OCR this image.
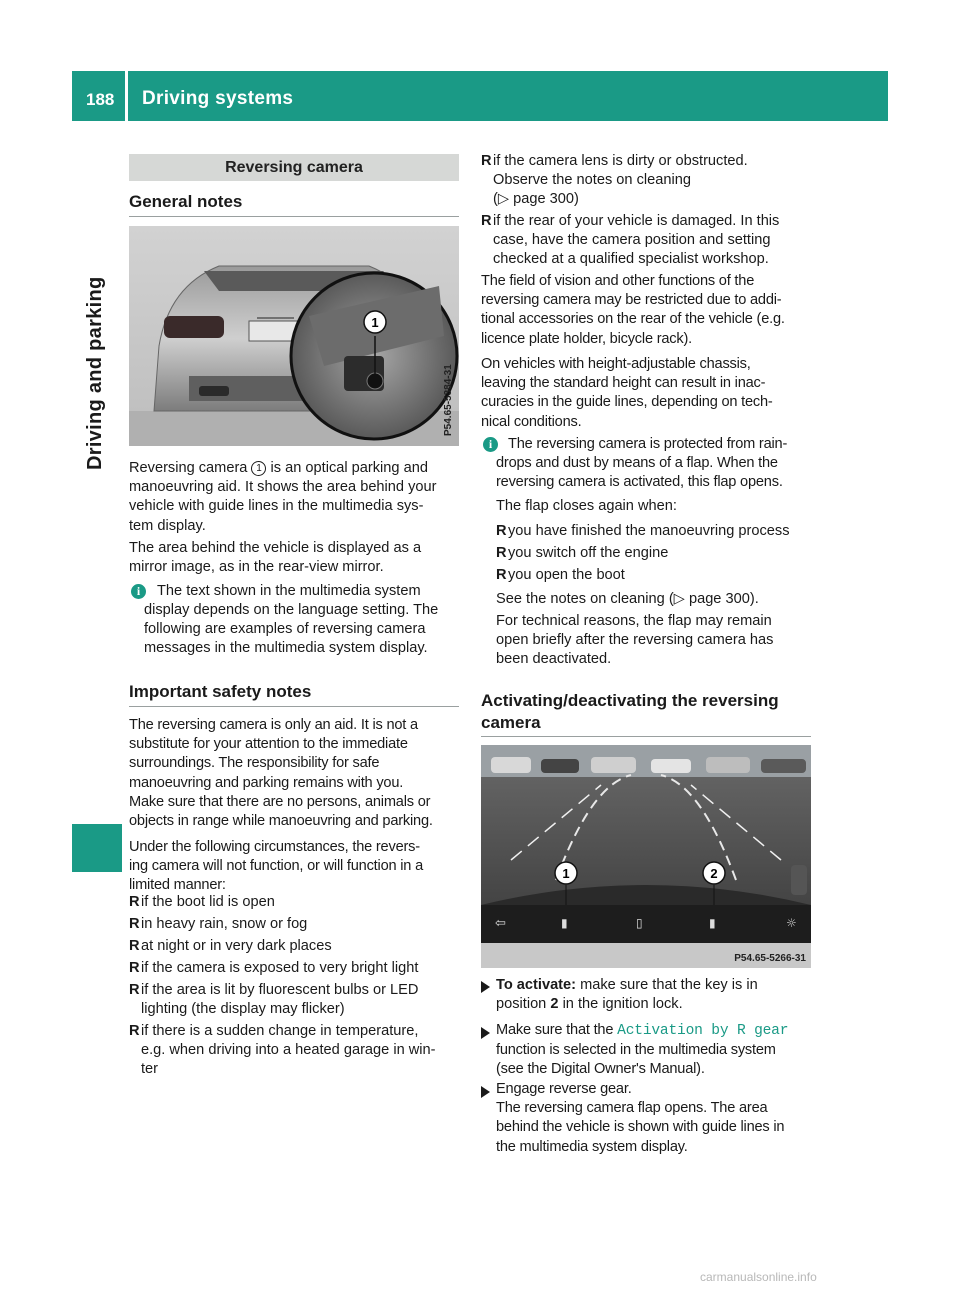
188 Driving systems
Driving and parking
Reversing camera
General notes
1
P54.65-5384-31
Reversing camera 1 is an optical parking and
manoeuvring aid. It shows the area behind your
vehicle with guide lines in the multimedia sys-
tem display.
The area behind the vehicle is displayed as a
mirror image, as in the rear-view mirror.
i	The text shown in the multimedia system
display depends on the language setting. The
following are examples of reversing camera
messages in the multimedia system display.
Important safety notes
The reversing camera is only an aid. It is not a
substitute for your attention to the immediate
surroundings. The responsibility for safe
manoeuvring and parking remains with you.
Make sure that there are no persons, animals or
objects in range while manoeuvring and parking.
Under the following circumstances, the revers-
ing camera will not function, or will function in a
limited manner:
R if the boot lid is open
R in heavy rain, snow or fog
R at night or in very dark places
R if the camera is exposed to very bright light
R if the area is lit by fluorescent bulbs or LED
lighting (the display may flicker)
R if there is a sudden change in temperature,
e.g. when driving into a heated garage in win-
ter
R if the camera lens is dirty or obstructed.
Observe the notes on cleaning
(▷ page 300)
R if the rear of your vehicle is damaged. In this
case, have the camera position and setting
checked at a qualified specialist workshop.
The field of vision and other functions of the
reversing camera may be restricted due to addi-
tional accessories on the rear of the vehicle (e.g.
licence plate holder, bicycle rack).
On vehicles with height-adjustable chassis,
leaving the standard height can result in inac-
curacies in the guide lines, depending on tech-
nical conditions.
i	The reversing camera is protected from rain-
drops and dust by means of a flap. When the
reversing camera is activated, this flap opens.
The flap closes again when:
R you have finished the manoeuvring process
R you switch off the engine
R you open the boot
See the notes on cleaning (▷ page 300).
For technical reasons, the flap may remain
open briefly after the reversing camera has
been deactivated.
Activating/deactivating the reversing
camera
1	2
⇦	▮	▯	▮	☼
P54.65-5266-31
To activate: make sure that the key is in
position 2 in the ignition lock.
Make sure that the Activation by R gear
function is selected in the multimedia system
(see the Digital Owner's Manual).
Engage reverse gear.
The reversing camera flap opens. The area
behind the vehicle is shown with guide lines in
the multimedia system display.
carmanualsonline.info
